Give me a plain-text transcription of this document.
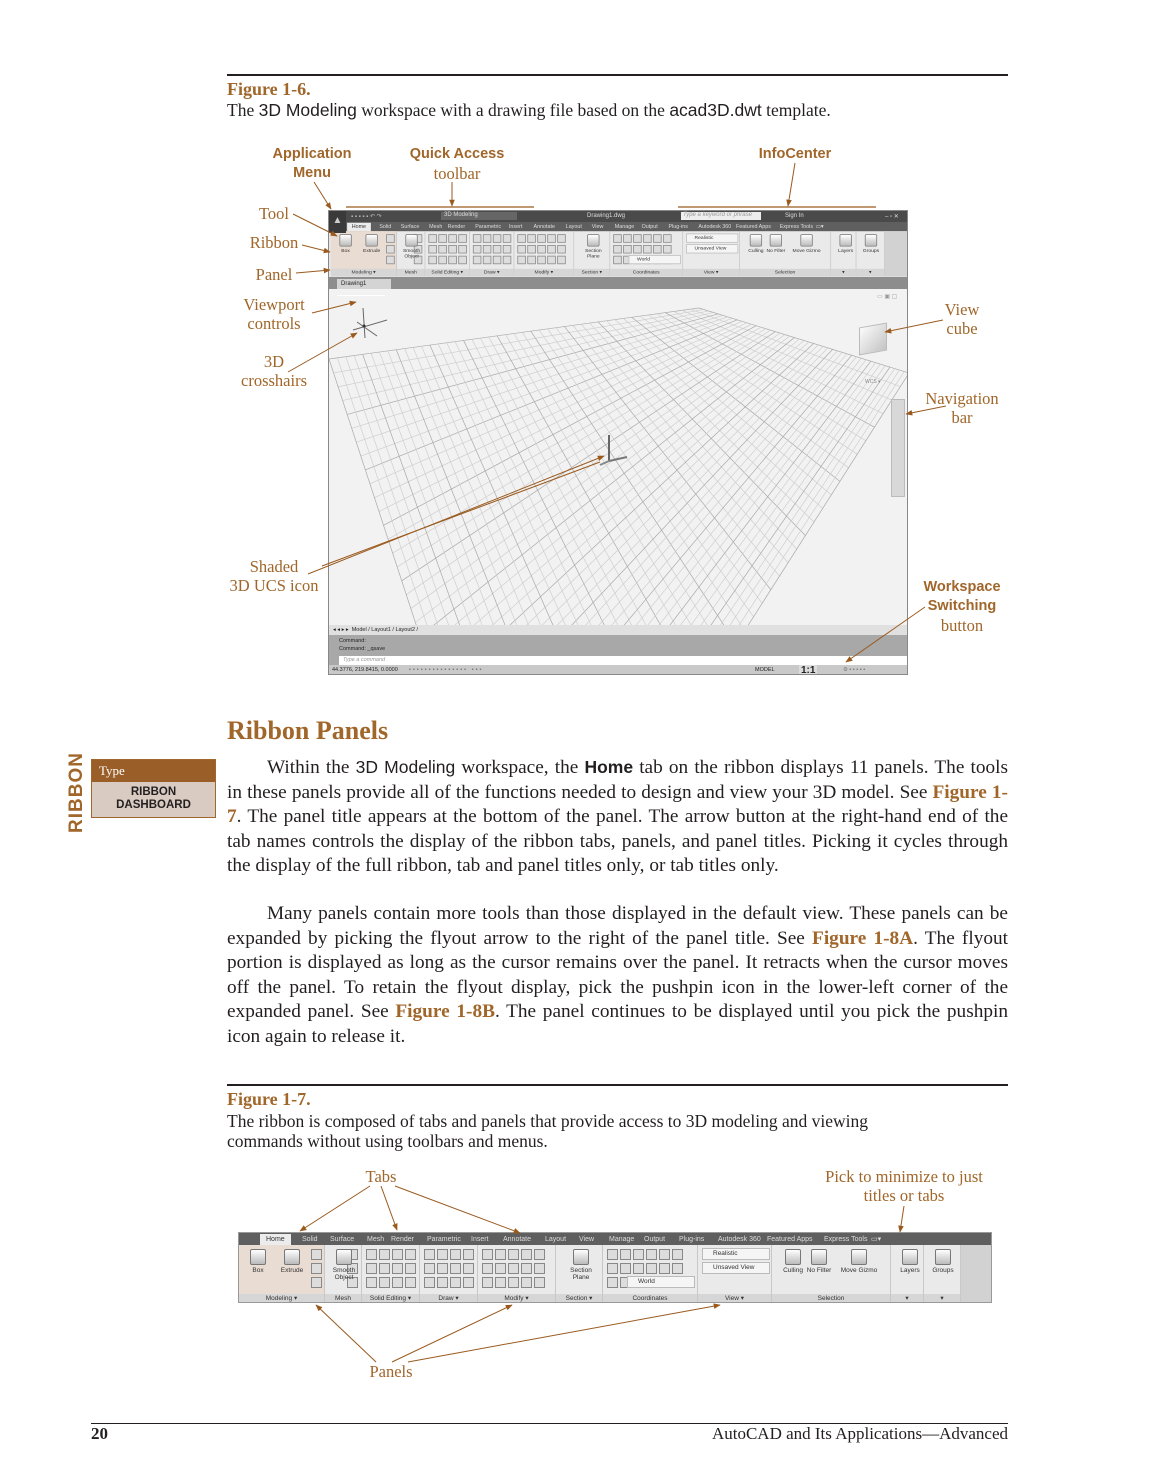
Figure 1-6.
The 3D Modeling workspace with a drawing file based on the acad3D.dwt template.
Application
Menu
Quick Access
toolbar
InfoCenter
Tool
Ribbon
Panel
Viewport
controls
3D
crosshairs
Shaded
3D UCS icon
View
cube
Navigation
bar
Workspace
Switching
button
▪ ▪ ▪ ▪ ▪ ↶ ↷	3D Modeling	Drawing1.dwg	Type a keyword or phrase	Sign In	– ▫ ✕
Home	Solid Surface Mesh Render Parametric Insert Annotate Layout View Manage Output Plug-ins Autodesk 360 Featured Apps Express Tools ▭▾
Box	Extrude
Modeling ▾
Smooth Object
Mesh	Solid Editing ▾	Draw ▾	Modify ▾
Section Plane
Section ▾
World
Coordinates
Realistic
Unsaved View
View ▾
Culling No Filter	Move Gizmo
Selection
Layers
▾
Groups
▾
▲
Drawing1
WCS ▾
▭ ▣ ▢
◂ ◂ ▸ ▸  Model / Layout1 / Layout2 /
Command:
Command: _qsave
Type a command
44.3776, 219.8415, 0.0000 ▪▪▪▪▪▪▪▪▪▪▪▪▪▪▪ ▪▪▪	MODEL	1:1	⚙ ▪ ▪ ▪ ▪ ▪
Ribbon Panels
RIBBON Type
RIBBON
DASHBOARD

Within the 3D Modeling workspace, the Home tab on the ribbon displays 11 panels. The tools in these panels provide all of the functions needed to design and view your 3D model. See Figure 1-7. The panel title appears at the bottom of the panel. The arrow button at the right-hand end of the tab names controls the display of the ribbon tabs, panels, and panel titles. Picking it cycles through the display of the full ribbon, tab and panel titles only, or tab titles only.

Many panels contain more tools than those displayed in the default view. These panels can be expanded by picking the flyout arrow to the right of the panel title. See Figure 1-8A. The flyout portion is displayed as long as the cursor remains over the panel. It retracts when the cursor moves off the panel. To retain the flyout display, pick the pushpin icon in the lower-left corner of the expanded panel. See Figure 1-8B. The panel continues to be displayed until you pick the pushpin icon again to release it.

Figure 1-7.
The ribbon is composed of tabs and panels that provide access to 3D modeling and viewing
commands without using toolbars and menus.
Tabs	Pick to minimize to just
titles or tabs
Panels
Home	Solid Surface Mesh Render Parametric Insert Annotate Layout View Manage Output Plug-ins Autodesk 360 Featured Apps Express Tools ▭▾
Box	Extrude
Modeling ▾
Smooth Object
Mesh	Solid Editing ▾	Draw ▾	Modify ▾
Section Plane
Section ▾
World
Coordinates
Realistic
Unsaved View
View ▾
Culling No Filter	Move Gizmo
Selection
Layers
▾
Groups
▾
20	AutoCAD and Its Applications—Advanced
